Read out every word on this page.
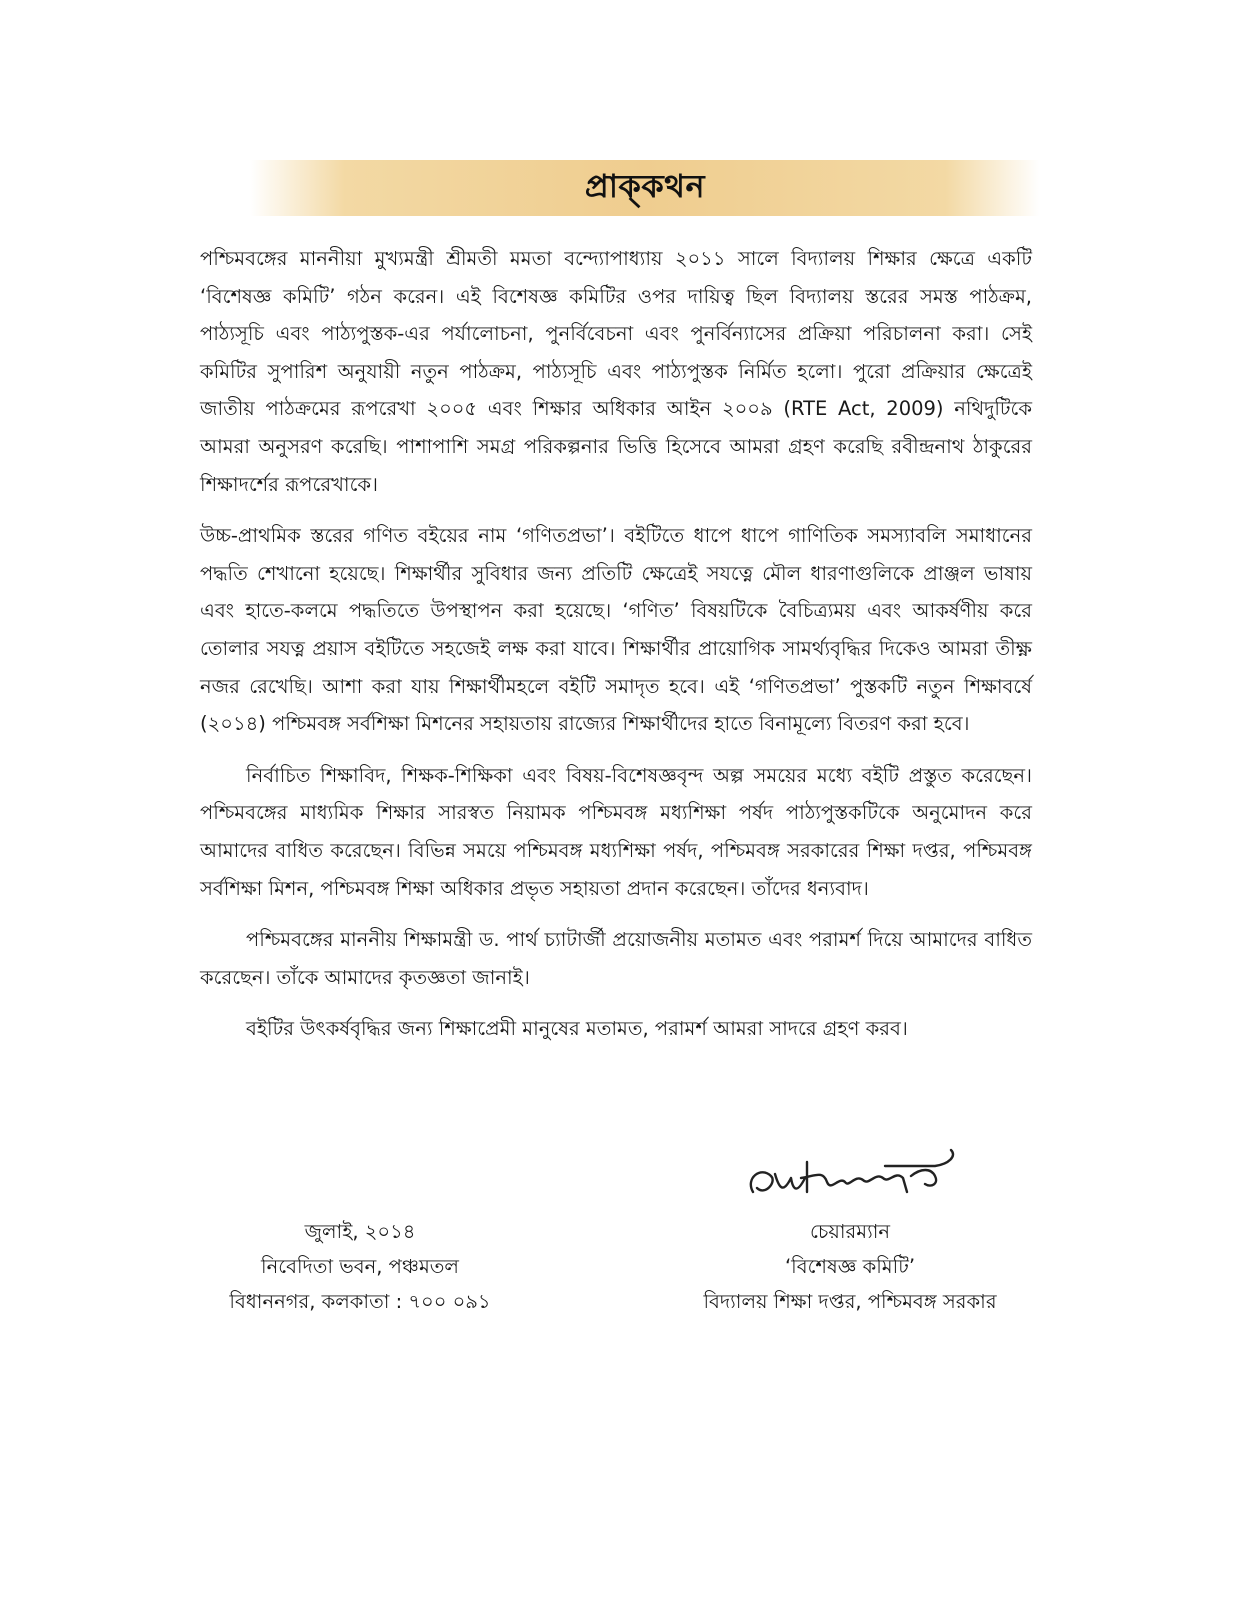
প্রাক্‌কথন

পশ্চিমবঙ্গের মাননীয়া মুখ্যমন্ত্রী শ্রীমতী মমতা বন্দ্যোপাধ্যায় ২০১১ সালে বিদ্যালয় শিক্ষার ক্ষেত্রে একটি ‘বিশেষজ্ঞ কমিটি’ গঠন করেন। এই বিশেষজ্ঞ কমিটির ওপর দায়িত্ব ছিল বিদ্যালয় স্তরের সমস্ত পাঠক্রম, পাঠ্যসূচি এবং পাঠ্যপুস্তক-এর পর্যালোচনা, পুনর্বিবেচনা এবং পুনর্বিন্যাসের প্রক্রিয়া পরিচালনা করা। সেই কমিটির সুপারিশ অনুযায়ী নতুন পাঠক্রম, পাঠ্যসূচি এবং পাঠ্যপুস্তক নির্মিত হলো। পুরো প্রক্রিয়ার ক্ষেত্রেই জাতীয় পাঠক্রমের রূপরেখা ২০০৫ এবং শিক্ষার অধিকার আইন ২০০৯ (RTE Act, 2009) নথিদুটিকে আমরা অনুসরণ করেছি। পাশাপাশি সমগ্র পরিকল্পনার ভিত্তি হিসেবে আমরা গ্রহণ করেছি রবীন্দ্রনাথ ঠাকুরের শিক্ষাদর্শের রূপরেখাকে।

উচ্চ-প্রাথমিক স্তরের গণিত বইয়ের নাম ‘গণিতপ্রভা’। বইটিতে ধাপে ধাপে গাণিতিক সমস্যাবলি সমাধানের পদ্ধতি শেখানো হয়েছে। শিক্ষার্থীর সুবিধার জন্য প্রতিটি ক্ষেত্রেই সযত্নে মৌল ধারণাগুলিকে প্রাঞ্জল ভাষায় এবং হাতে-কলমে পদ্ধতিতে উপস্থাপন করা হয়েছে। ‘গণিত’ বিষয়টিকে বৈচিত্র্যময় এবং আকর্ষণীয় করে তোলার সযত্ন প্রয়াস বইটিতে সহজেই লক্ষ করা যাবে। শিক্ষার্থীর প্রায়োগিক সামর্থ্যবৃদ্ধির দিকেও আমরা তীক্ষ্ণ নজর রেখেছি। আশা করা যায় শিক্ষার্থীমহলে বইটি সমাদৃত হবে। এই ‘গণিতপ্রভা’ পুস্তকটি নতুন শিক্ষাবর্ষে (২০১৪) পশ্চিমবঙ্গ সর্বশিক্ষা মিশনের সহায়তায় রাজ্যের শিক্ষার্থীদের হাতে বিনামূল্যে বিতরণ করা হবে।

নির্বাচিত শিক্ষাবিদ, শিক্ষক-শিক্ষিকা এবং বিষয়-বিশেষজ্ঞবৃন্দ অল্প সময়ের মধ্যে বইটি প্রস্তুত করেছেন। পশ্চিমবঙ্গের মাধ্যমিক শিক্ষার সারস্বত নিয়ামক পশ্চিমবঙ্গ মধ্যশিক্ষা পর্ষদ পাঠ্যপুস্তকটিকে অনুমোদন করে আমাদের বাধিত করেছেন। বিভিন্ন সময়ে পশ্চিমবঙ্গ মধ্যশিক্ষা পর্ষদ, পশ্চিমবঙ্গ সরকারের শিক্ষা দপ্তর, পশ্চিমবঙ্গ সর্বশিক্ষা মিশন, পশ্চিমবঙ্গ শিক্ষা অধিকার প্রভৃত সহায়তা প্রদান করেছেন। তাঁদের ধন্যবাদ।

পশ্চিমবঙ্গের মাননীয় শিক্ষামন্ত্রী ড. পার্থ চ্যাটার্জী প্রয়োজনীয় মতামত এবং পরামর্শ দিয়ে আমাদের বাধিত করেছেন। তাঁকে আমাদের কৃতজ্ঞতা জানাই।

বইটির উৎকর্ষবৃদ্ধির জন্য শিক্ষাপ্রেমী মানুষের মতামত, পরামর্শ আমরা সাদরে গ্রহণ করব।

জুলাই, ২০১৪
নিবেদিতা ভবন, পঞ্চমতল
বিধাননগর, কলকাতা : ৭০০ ০৯১
চেয়ারম্যান
‘বিশেষজ্ঞ কমিটি’
বিদ্যালয় শিক্ষা দপ্তর, পশ্চিমবঙ্গ সরকার
